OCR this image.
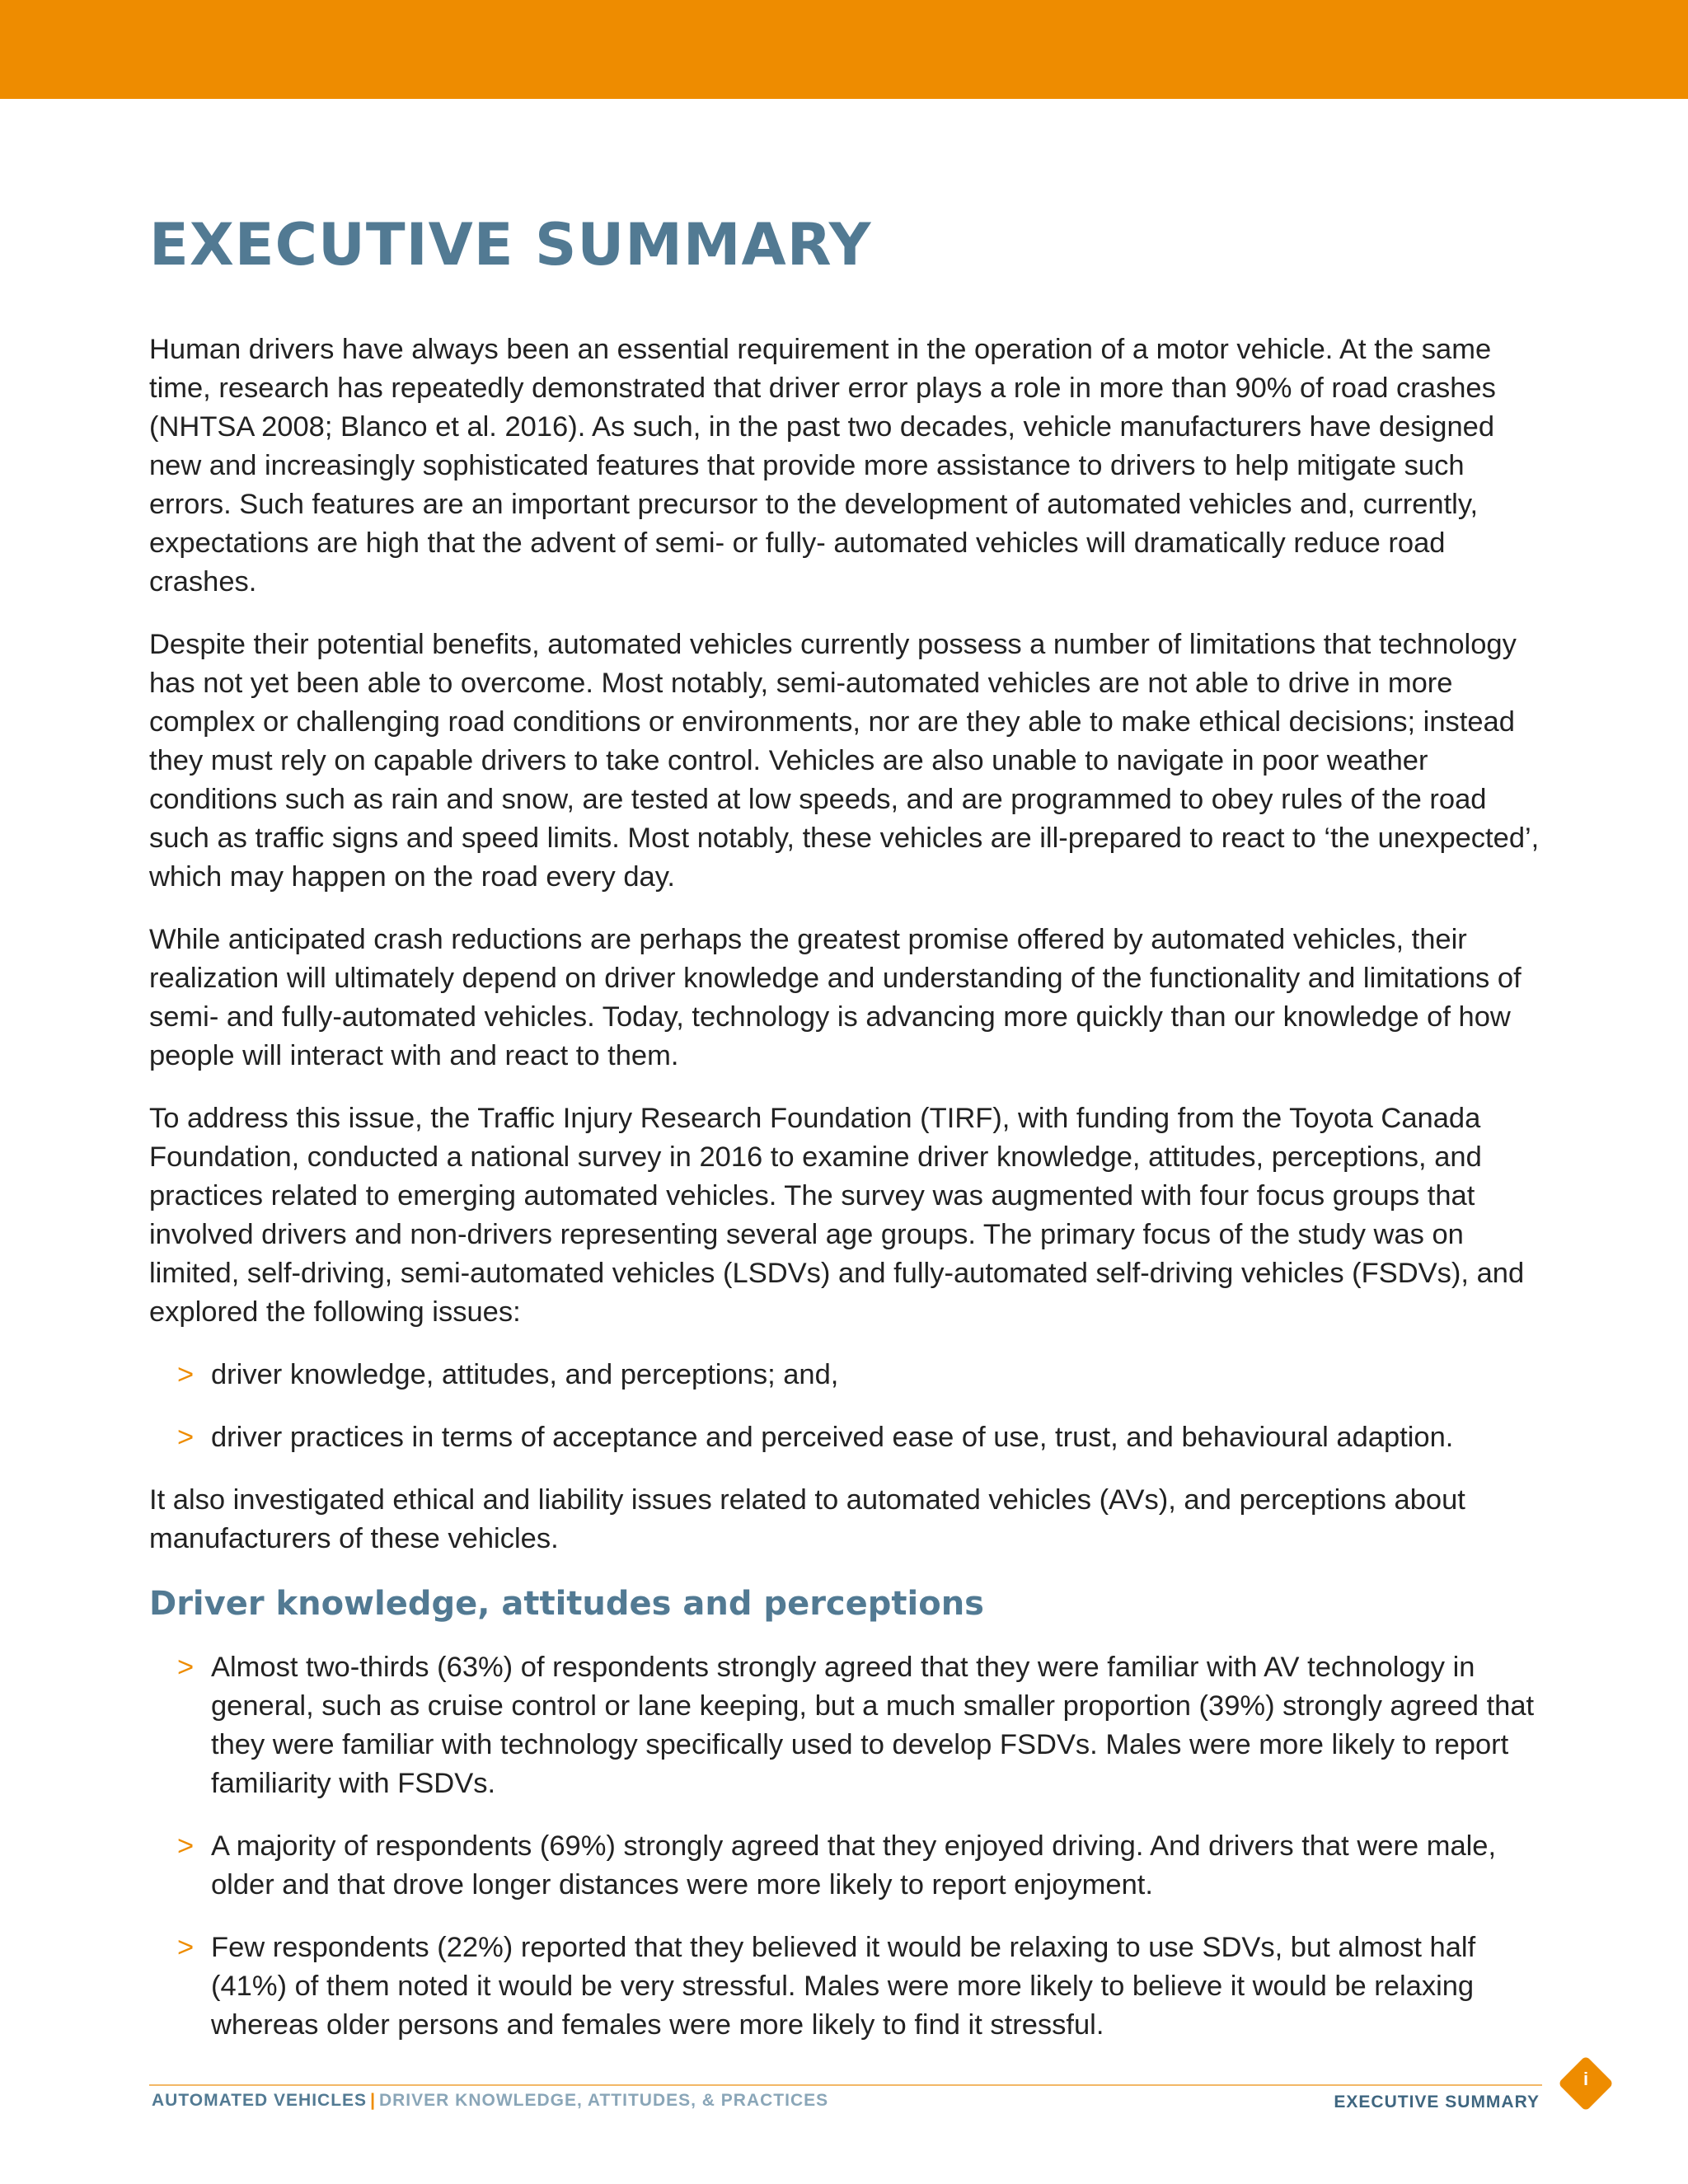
EXECUTIVE SUMMARY

Human drivers have always been an essential requirement in the operation of a motor vehicle. At the same time, research has repeatedly demonstrated that driver error plays a role in more than 90% of road crashes (NHTSA 2008; Blanco et al. 2016). As such, in the past two decades, vehicle manufacturers have designed new and increasingly sophisticated features that provide more assistance to drivers to help mitigate such errors. Such features are an important precursor to the development of automated vehicles and, currently, expectations are high that the advent of semi- or fully- automated vehicles will dramatically reduce road crashes.

Despite their potential benefits, automated vehicles currently possess a number of limitations that technology has not yet been able to overcome. Most notably, semi-automated vehicles are not able to drive in more complex or challenging road conditions or environments, nor are they able to make ethical decisions; instead they must rely on capable drivers to take control. Vehicles are also unable to navigate in poor weather conditions such as rain and snow, are tested at low speeds, and are programmed to obey rules of the road such as traffic signs and speed limits. Most notably, these vehicles are ill-prepared to react to ‘the unexpected’, which may happen on the road every day.

While anticipated crash reductions are perhaps the greatest promise offered by automated vehicles, their realization will ultimately depend on driver knowledge and understanding of the functionality and limitations of semi- and fully-automated vehicles. Today, technology is advancing more quickly than our knowledge of how people will interact with and react to them.

To address this issue, the Traffic Injury Research Foundation (TIRF), with funding from the Toyota Canada Foundation, conducted a national survey in 2016 to examine driver knowledge, attitudes, perceptions, and practices related to emerging automated vehicles. The survey was augmented with four focus groups that involved drivers and non-drivers representing several age groups. The primary focus of the study was on limited, self-driving, semi-automated vehicles (LSDVs) and fully-automated self-driving vehicles (FSDVs), and explored the following issues:

> driver knowledge, attitudes, and perceptions; and,
> driver practices in terms of acceptance and perceived ease of use, trust, and behavioural adaption.

It also investigated ethical and liability issues related to automated vehicles (AVs), and perceptions about manufacturers of these vehicles.

Driver knowledge, attitudes and perceptions
> Almost two-thirds (63%) of respondents strongly agreed that they were familiar with AV technology in general, such as cruise control or lane keeping, but a much smaller proportion (39%) strongly agreed that they were familiar with technology specifically used to develop FSDVs. Males were more likely to report familiarity with FSDVs.
> A majority of respondents (69%) strongly agreed that they enjoyed driving. And drivers that were male, older and that drove longer distances were more likely to report enjoyment.
> Few respondents (22%) reported that they believed it would be relaxing to use SDVs, but almost half (41%) of them noted it would be very stressful. Males were more likely to believe it would be relaxing whereas older persons and females were more likely to find it stressful.
AUTOMATED VEHICLES | DRIVER KNOWLEDGE, ATTITUDES, & PRACTICES	EXECUTIVE SUMMARY
i
